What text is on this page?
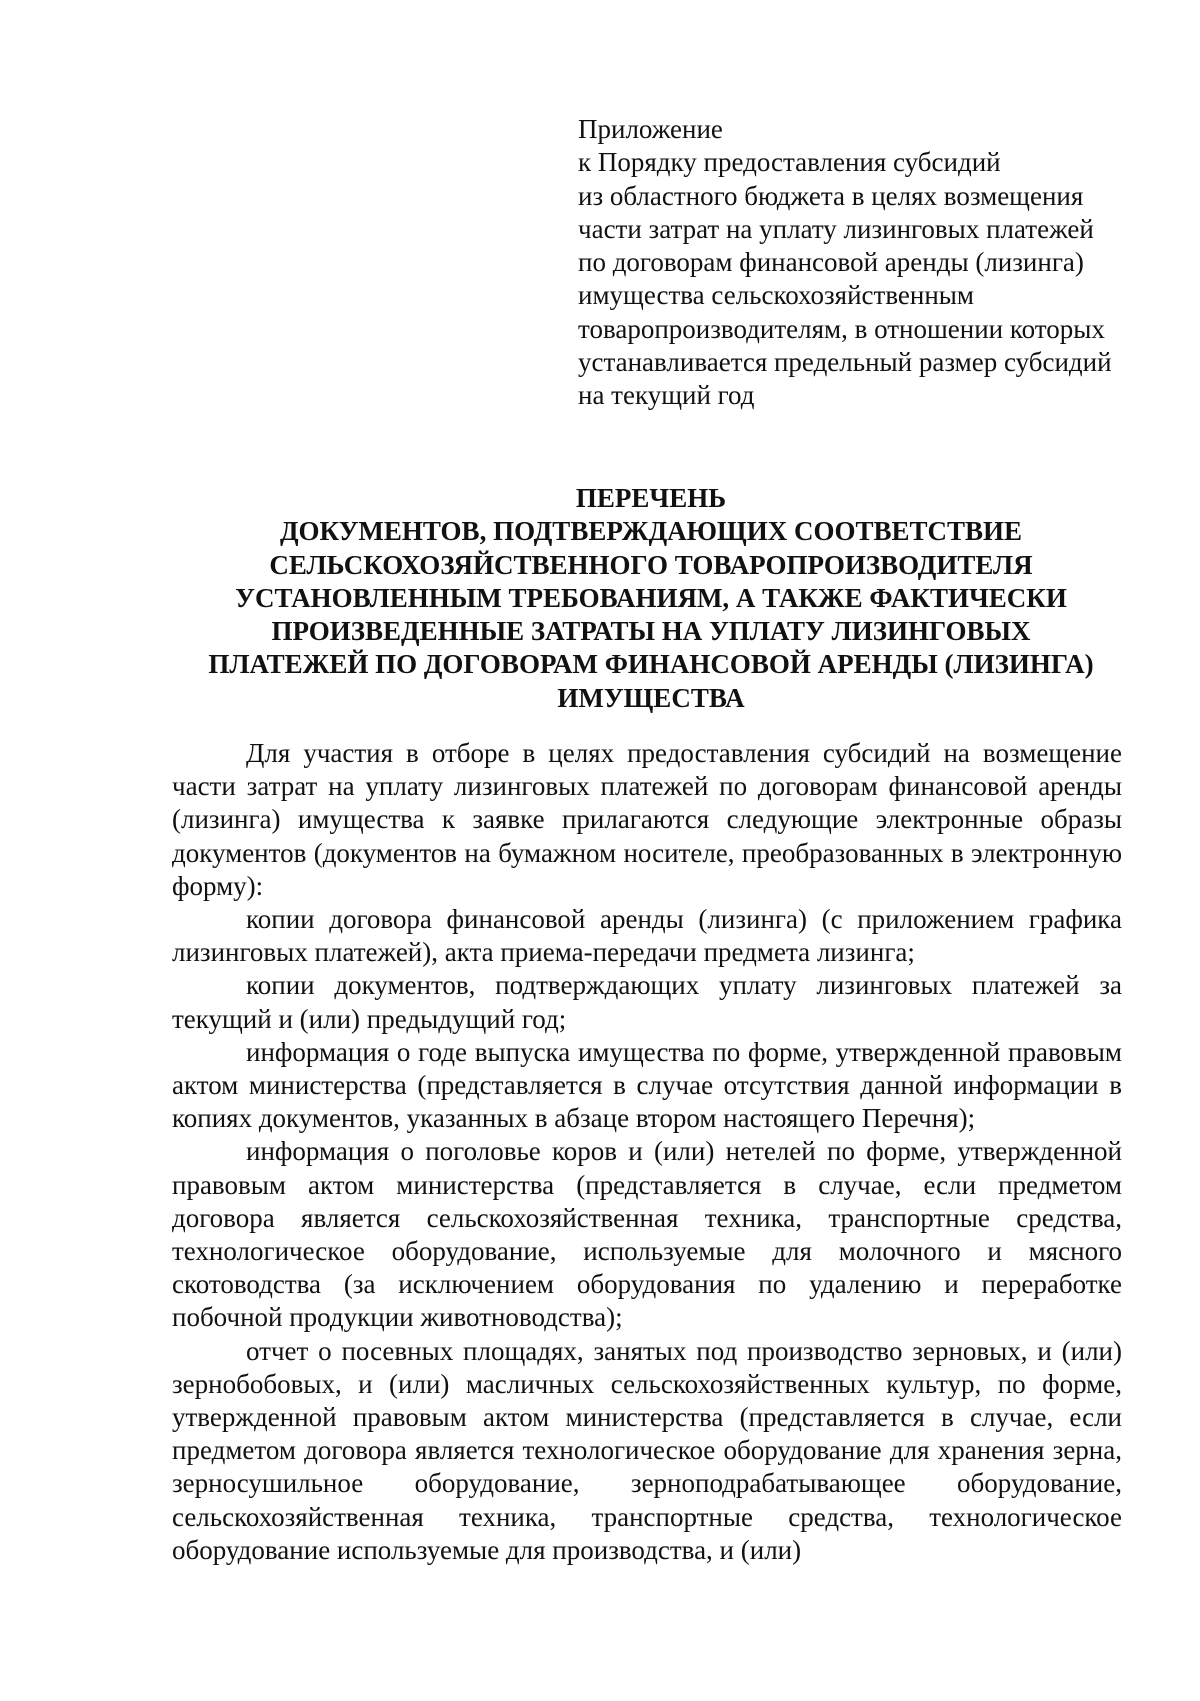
Приложение
к Порядку предоставления субсидий
из областного бюджета в целях возмещения
части затрат на уплату лизинговых платежей
по договорам финансовой аренды (лизинга)
имущества сельскохозяйственным
товаропроизводителям, в отношении которых
устанавливается предельный размер субсидий
на текущий год
ПЕРЕЧЕНЬ
ДОКУМЕНТОВ, ПОДТВЕРЖДАЮЩИХ СООТВЕТСТВИЕ
СЕЛЬСКОХОЗЯЙСТВЕННОГО ТОВАРОПРОИЗВОДИТЕЛЯ
УСТАНОВЛЕННЫМ ТРЕБОВАНИЯМ, А ТАКЖЕ ФАКТИЧЕСКИ
ПРОИЗВЕДЕННЫЕ ЗАТРАТЫ НА УПЛАТУ ЛИЗИНГОВЫХ
ПЛАТЕЖЕЙ ПО ДОГОВОРАМ ФИНАНСОВОЙ АРЕНДЫ (ЛИЗИНГА)
ИМУЩЕСТВА

Для участия в отборе в целях предоставления субсидий на возмещение части затрат на уплату лизинговых платежей по договорам финансовой аренды (лизинга) имущества к заявке прилагаются следующие электронные образы документов (документов на бумажном носителе, преобразованных в электронную форму):

копии договора финансовой аренды (лизинга) (с приложением графика лизинговых платежей), акта приема-передачи предмета лизинга;

копии документов, подтверждающих уплату лизинговых платежей за текущий и (или) предыдущий год;

информация о годе выпуска имущества по форме, утвержденной правовым актом министерства (представляется в случае отсутствия данной информации в копиях документов, указанных в абзаце втором настоящего Перечня);

информация о поголовье коров и (или) нетелей по форме, утвержденной правовым актом министерства (представляется в случае, если предметом договора является сельскохозяйственная техника, транспортные средства, технологическое оборудование, используемые для молочного и мясного скотоводства (за исключением оборудования по удалению и переработке побочной продукции животноводства);

отчет о посевных площадях, занятых под производство зерновых, и (или) зернобобовых, и (или) масличных сельскохозяйственных культур, по форме, утвержденной правовым актом министерства (представляется в случае, если предметом договора является технологическое оборудование для хранения зерна, зерносушильное оборудование, зерноподрабатывающее оборудование, сельскохозяйственная техника, транспортные средства, технологическое оборудование используемые для производства, и (или)
